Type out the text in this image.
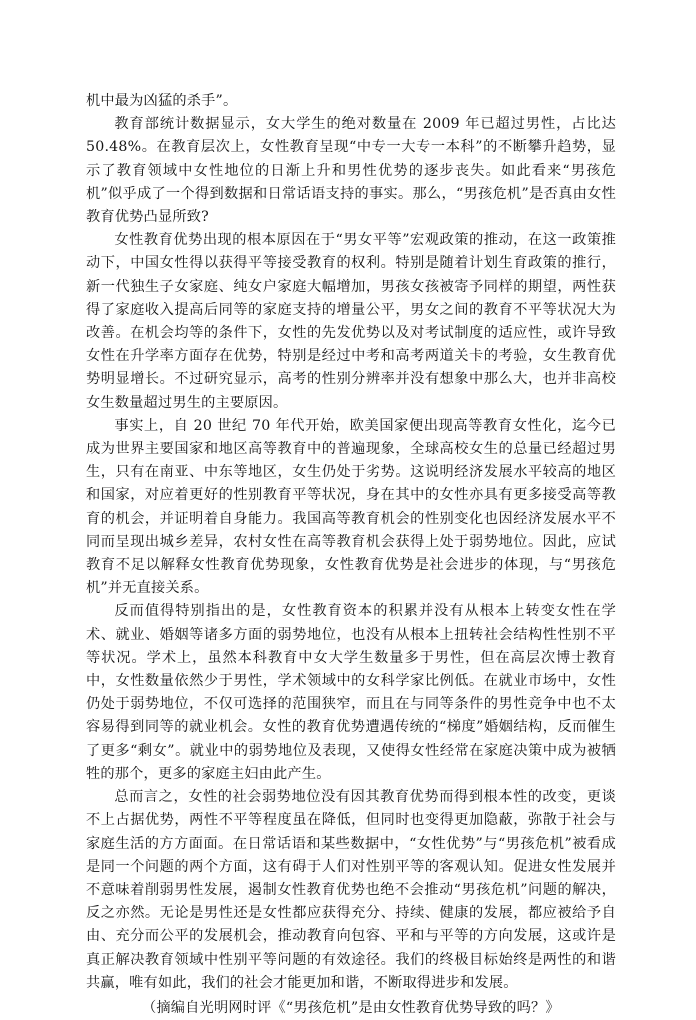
机中最为凶猛的杀手”。

教育部统计数据显示，女大学生的绝对数量在 2009 年已超过男性，占比达 50.48%。在教育层次上，女性教育呈现“中专一大专一本科”的不断攀升趋势，显示了教育领域中女性地位的日渐上升和男性优势的逐步丧失。如此看来“男孩危机”似乎成了一个得到数据和日常话语支持的事实。那么，“男孩危机”是否真由女性教育优势凸显所致?

女性教育优势出现的根本原因在于“男女平等”宏观政策的推动，在这一政策推动下，中国女性得以获得平等接受教育的权利。特别是随着计划生育政策的推行，新一代独生子女家庭、纯女户家庭大幅增加，男孩女孩被寄予同样的期望，两性获得了家庭收入提高后同等的家庭支持的增量公平，男女之间的教育不平等状况大为改善。在机会均等的条件下，女性的先发优势以及对考试制度的适应性，或许导致女性在升学率方面存在优势，特别是经过中考和高考两道关卡的考验，女生教育优势明显增长。不过研究显示，高考的性别分辨率并没有想象中那么大，也并非高校女生数量超过男生的主要原因。

事实上，自 20 世纪 70 年代开始，欧美国家便出现高等教育女性化，迄今已成为世界主要国家和地区高等教育中的普遍现象，全球高校女生的总量已经超过男生，只有在南亚、中东等地区，女生仍处于劣势。这说明经济发展水平较高的地区和国家，对应着更好的性别教育平等状况，身在其中的女性亦具有更多接受高等教育的机会，并证明着自身能力。我国高等教育机会的性别变化也因经济发展水平不同而呈现出城乡差异，农村女性在高等教育机会获得上处于弱势地位。因此，应试教育不足以解释女性教育优势现象，女性教育优势是社会进步的体现，与“男孩危机”并无直接关系。

反而值得特别指出的是，女性教育资本的积累并没有从根本上转变女性在学术、就业、婚姻等诸多方面的弱势地位，也没有从根本上扭转社会结构性性别不平等状况。学术上，虽然本科教育中女大学生数量多于男性，但在高层次博士教育中，女性数量依然少于男性，学术领域中的女科学家比例低。在就业市场中，女性仍处于弱势地位，不仅可选择的范围狭窄，而且在与同等条件的男性竞争中也不太容易得到同等的就业机会。女性的教育优势遭遇传统的“梯度”婚姻结构，反而催生了更多“剩女”。就业中的弱势地位及表现，又使得女性经常在家庭决策中成为被牺牲的那个，更多的家庭主妇由此产生。

总而言之，女性的社会弱势地位没有因其教育优势而得到根本性的改变，更谈不上占据优势，两性不平等程度虽在降低，但同时也变得更加隐蔽，弥散于社会与家庭生活的方方面面。在日常话语和某些数据中，“女性优势”与“男孩危机”被看成是同一个问题的两个方面，这有碍于人们对性别平等的客观认知。促进女性发展并不意味着削弱男性发展，遏制女性教育优势也绝不会推动“男孩危机”问题的解决，反之亦然。无论是男性还是女性都应获得充分、持续、健康的发展，都应被给予自由、充分而公平的发展机会，推动教育向包容、平和与平等的方向发展，这或许是真正解决教育领域中性别平等问题的有效途径。我们的终极目标始终是两性的和谐共赢，唯有如此，我们的社会才能更加和谐，不断取得进步和发展。

（摘编自光明网时评《“男孩危机”是由女性教育优势导致的吗？》
